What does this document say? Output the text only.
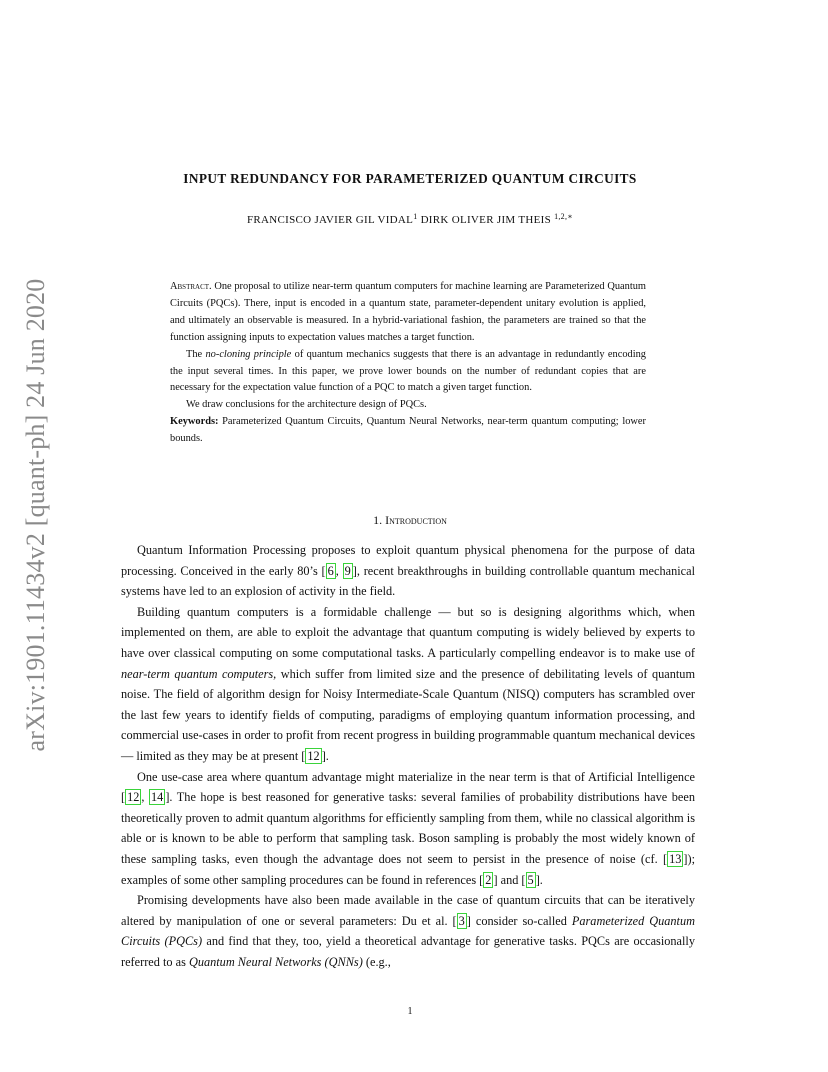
arXiv:1901.11434v2 [quant-ph] 24 Jun 2020
INPUT REDUNDANCY FOR PARAMETERIZED QUANTUM CIRCUITS
FRANCISCO JAVIER GIL VIDAL$^1$ DIRK OLIVER JIM THEIS $^{1,2,∗}$

Abstract. One proposal to utilize near-term quantum computers for machine learning are Parameterized Quantum Circuits (PQCs). There, input is encoded in a quantum state, parameter-dependent unitary evolution is applied, and ultimately an observable is measured. In a hybrid-variational fashion, the parameters are trained so that the function assigning inputs to expectation values matches a target function.

The no-cloning principle of quantum mechanics suggests that there is an advantage in redundantly encoding the input several times. In this paper, we prove lower bounds on the number of redundant copies that are necessary for the expectation value function of a PQC to match a given target function.

We draw conclusions for the architecture design of PQCs.

Keywords: Parameterized Quantum Circuits, Quantum Neural Networks, near-term quantum computing; lower bounds.

1. Introduction

Quantum Information Processing proposes to exploit quantum physical phenomena for the purpose of data processing. Conceived in the early 80’s [ 6 , 9 ], recent breakthroughs in building controllable quantum mechanical systems have led to an explosion of activity in the field.

Building quantum computers is a formidable challenge — but so is designing algorithms which, when implemented on them, are able to exploit the advantage that quantum computing is widely believed by experts to have over classical computing on some computational tasks. A particularly compelling endeavor is to make use of near-term quantum computers, which suffer from limited size and the presence of debilitating levels of quantum noise. The field of algorithm design for Noisy Intermediate-Scale Quantum (NISQ) computers has scrambled over the last few years to identify fields of computing, paradigms of employing quantum information processing, and commercial use-cases in order to profit from recent progress in building programmable quantum mechanical devices — limited as they may be at present [ 12 ].

One use-case area where quantum advantage might materialize in the near term is that of Artificial Intelligence [ 12 , 14 ]. The hope is best reasoned for generative tasks: several families of probability distributions have been theoretically proven to admit quantum algorithms for efficiently sampling from them, while no classical algorithm is able or is known to be able to perform that sampling task. Boson sampling is probably the most widely known of these sampling tasks, even though the advantage does not seem to persist in the presence of noise (cf. [ 13 ]); examples of some other sampling procedures can be found in references [ 2 ] and [ 5 ].

Promising developments have also been made available in the case of quantum circuits that can be iteratively altered by manipulation of one or several parameters: Du et al. [ 3 ] consider so-called Parameterized Quantum Circuits (PQCs) and find that they, too, yield a theoretical advantage for generative tasks. PQCs are occasionally referred to as Quantum Neural Networks (QNNs) (e.g.,

1
